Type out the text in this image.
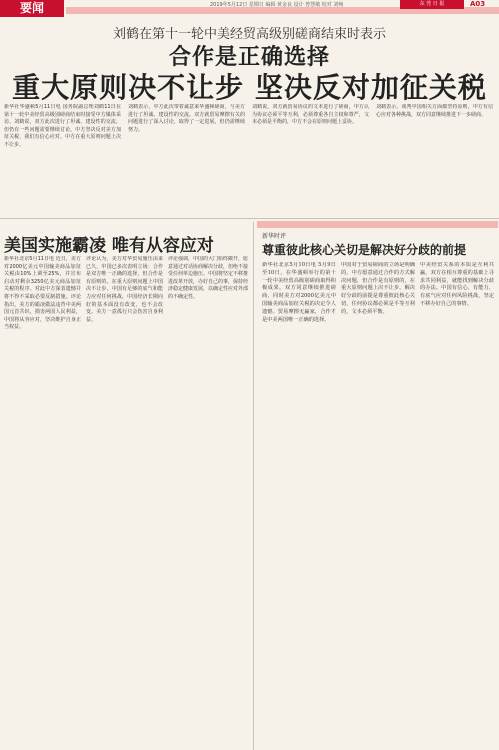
要闻	2019年5月12日 星期日 编辑 黄金良 设计 曾慧敏 校对 刘畅	东 莞 日 报	A03
刘鹤在第十一轮中美经贸高级别磋商结束时表示
合作是正确选择
重大原则决不让步 坚决反对加征关税
新华社华盛顿5月11日电 国务院副总理刘鹤11日在第十一轮中美经贸高级别磋商结束时接受中方媒体采访。刘鹤说，双方此次进行了坦诚、建设性的交流，但仍有一些问题需要继续讨论。中方坚决反对美方加征关税，我们有信心应对。中方在重大原则问题上决不让步。
刘鹤表示，中方此次带着诚意来华盛顿磋商，与美方进行了坦诚、建设性的交流。双方就贸易摩擦有关的问题进行了深入讨论，取得了一定进展，但仍需继续努力。
刘鹤说，双方就贸易协议的文本进行了磋商，中方认为协议必须平等互利，必须尊重各自主权和尊严，文本必须是平衡的，中方不会在原则问题上妥协。
刘鹤表示，谈判中国相关方面都坚持原则，中方有信心应对各种挑战，双方同意继续推进下一步磋商。
美国实施霸凌 唯有从容应对
新华社北京5月11日电 近日，美方对2000亿美元中国输美商品加征关税由10%上调至25%，并宣布启动对剩余3250亿美元商品加征关税的程序。对此中方深表遗憾并将不得不采取必要反制措施。评论指出，美方的霸凌做法违背中美两国元首共识，损害两国人民利益，中国将从容应对，坚决维护自身正当权益。
评论认为，美方对华贸易施压由来已久，中国已多次表明立场：合作是双方唯一正确的选择，但合作是有原则的。在重大原则问题上中国决不让步。中国有足够的底气和能力应对任何挑战，中国经济长期向好的基本面没有改变，也不会改变。美方一意孤行只会伤害自身利益。
评论强调，中国的大门始终敞开，愿意通过对话协商解决分歧，但绝不接受任何单边施压。中国将坚定不移推进改革开放，办好自己的事，保持经济稳定健康发展，以确定性应对外部的不确定性。
新华时评
尊重彼此核心关切是解决好分歧的前提
新华社北京5月10日电 5月9日至10日，在华盛顿举行的第十一轮中美经贸高级别磋商取得积极成果。双方同意继续推进磋商，同时美方对2000亿美元中国输美商品加征关税的决定令人遗憾。贸易摩擦无赢家，合作才是中美两国唯一正确的选择。
中国对于贸易磋商的立场是明确的，中方愿意通过合作的方式解决问题，但合作是有原则的，在重大原则问题上决不让步。解决好分歧的前提是尊重彼此核心关切，任何协议都必须是平等互利的，文本必须平衡。
中美经贸关系的本质是互利共赢，双方在相互尊重的基础上寻求共同利益，就能找到解决分歧的办法。中国有信心、有能力、有底气应对任何风险挑战，坚定不移办好自己的事情。
